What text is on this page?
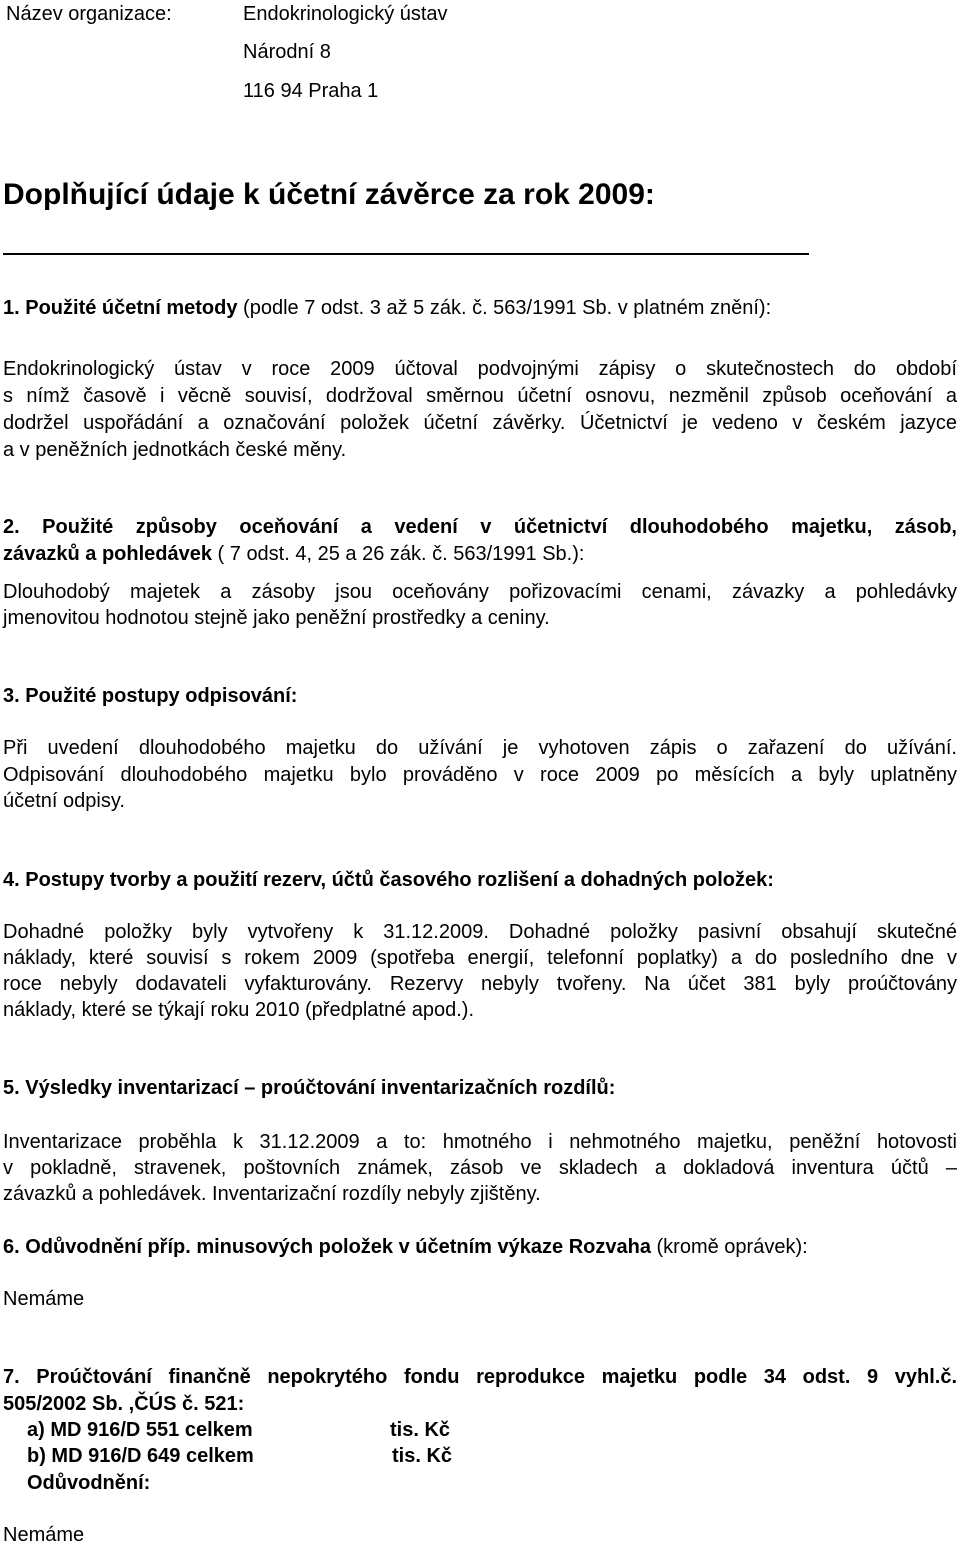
Název organizace:	Endokrinologický ústav
Národní 8
116 94 Praha 1
Doplňující údaje k účetní závěrce za rok 2009:
1. Použité účetní metody (podle 7 odst. 3 až 5 zák. č. 563/1991 Sb. v platném znění):
Endokrinologický ústav v roce 2009 účtoval podvojnými zápisy o skutečnostech do období
s nímž časově i věcně souvisí, dodržoval směrnou účetní osnovu, nezměnil způsob oceňování a
dodržel uspořádání a označování položek účetní závěrky. Účetnictví je vedeno v českém jazyce
a v peněžních jednotkách české měny.
2. Použité způsoby oceňování a vedení v účetnictví dlouhodobého majetku, zásob,
závazků a pohledávek ( 7 odst. 4, 25 a 26 zák. č. 563/1991 Sb.):
Dlouhodobý majetek a zásoby jsou oceňovány pořizovacími cenami, závazky a pohledávky
jmenovitou hodnotou stejně jako peněžní prostředky a ceniny.
3. Použité postupy odpisování:
Při uvedení dlouhodobého majetku do užívání je vyhotoven zápis o zařazení do užívání.
Odpisování dlouhodobého majetku bylo prováděno v roce 2009 po měsících a byly uplatněny
účetní odpisy.
4. Postupy tvorby a použití rezerv, účtů časového rozlišení a dohadných položek:
Dohadné položky byly vytvořeny k 31.12.2009. Dohadné položky pasivní obsahují skutečné
náklady, které souvisí s rokem 2009 (spotřeba energií, telefonní poplatky) a do posledního dne v
roce nebyly dodavateli vyfakturovány. Rezervy nebyly tvořeny. Na účet 381 byly proúčtovány
náklady, které se týkají roku 2010 (předplatné apod.).
5. Výsledky inventarizací – proúčtování inventarizačních rozdílů:
Inventarizace proběhla k 31.12.2009 a to: hmotného i nehmotného majetku, peněžní hotovosti
v pokladně, stravenek, poštovních známek, zásob ve skladech a dokladová inventura účtů –
závazků a pohledávek. Inventarizační rozdíly nebyly zjištěny.
6. Odůvodnění příp. minusových položek v účetním výkaze Rozvaha (kromě oprávek):
Nemáme
7. Proúčtování finančně nepokrytého fondu reprodukce majetku podle 34 odst. 9 vyhl.č.
505/2002 Sb. ,ČÚS č. 521:
a) MD 916/D 551 celkem	tis. Kč
b) MD 916/D 649 celkem	tis. Kč
Odůvodnění:
Nemáme
